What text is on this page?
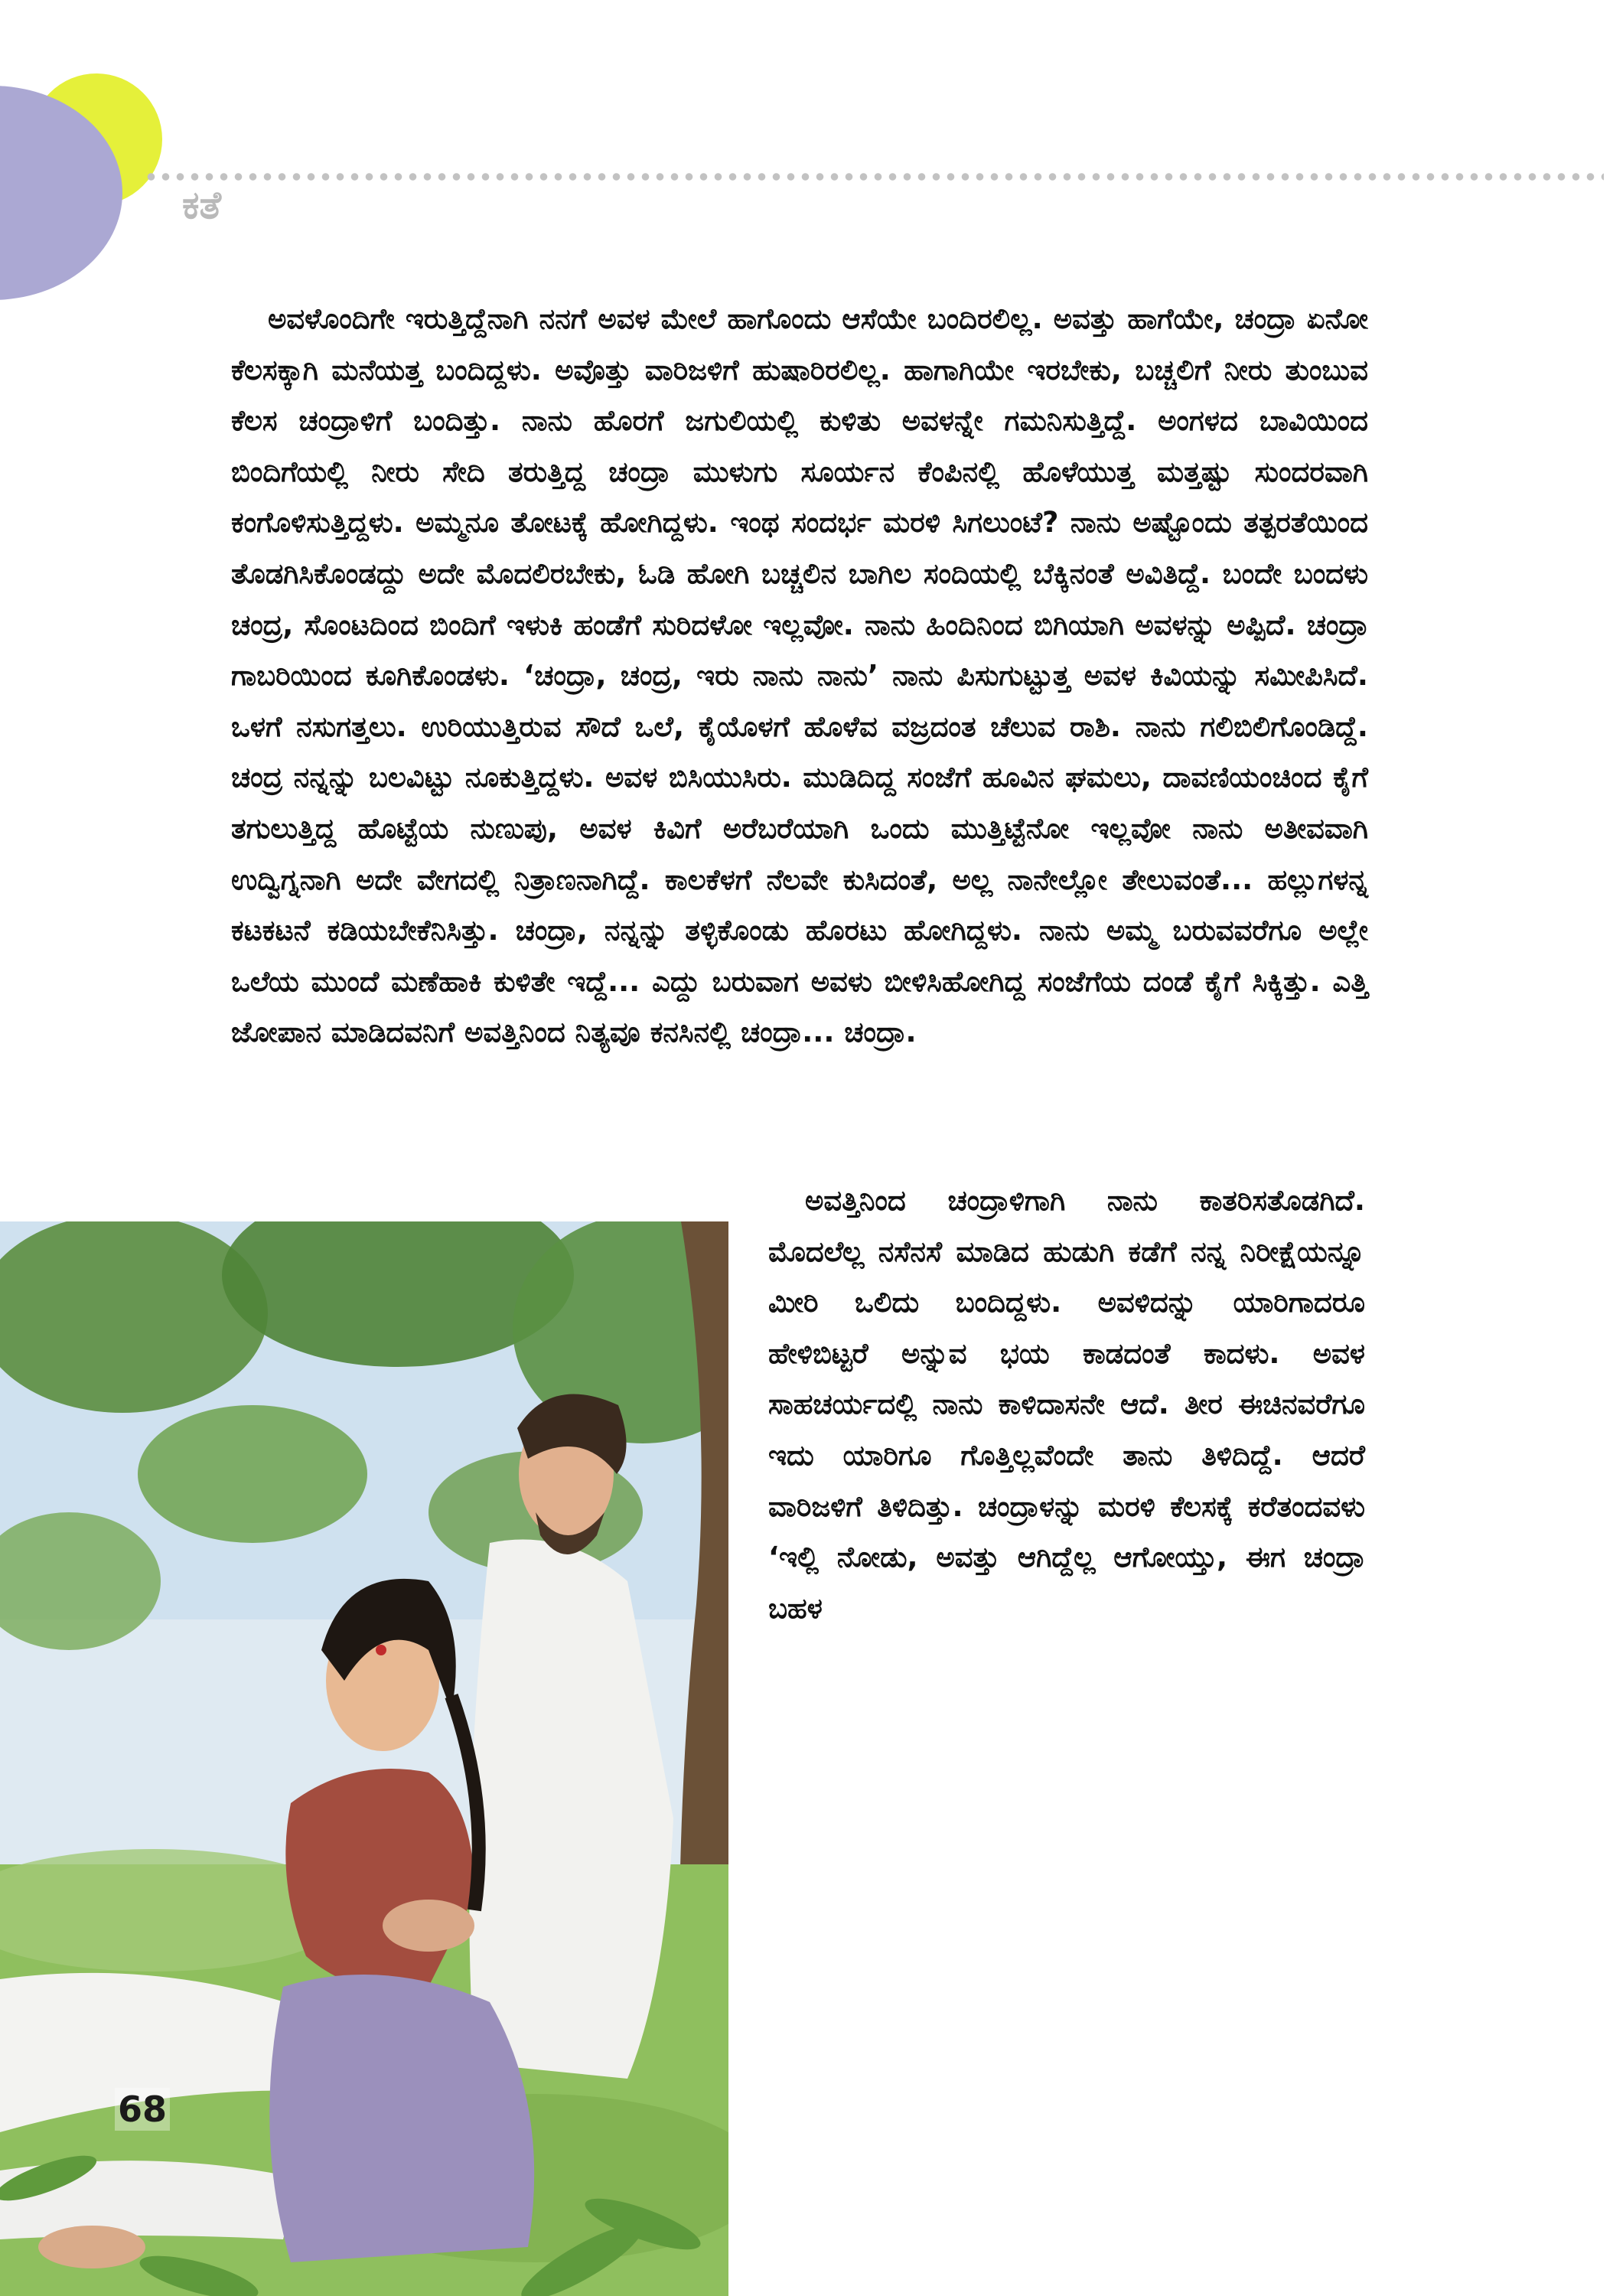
ಕತೆ

ಅವಳೊಂದಿಗೇ ಇರುತ್ತಿದ್ದೆನಾಗಿ ನನಗೆ ಅವಳ ಮೇಲೆ ಹಾಗೊಂದು ಆಸೆಯೇ ಬಂದಿರಲಿಲ್ಲ. ಅವತ್ತು ಹಾಗೆಯೇ, ಚಂದ್ರಾ ಏನೋ ಕೆಲಸಕ್ಕಾಗಿ ಮನೆಯತ್ತ ಬಂದಿದ್ದಳು. ಅವೊತ್ತು ವಾರಿಜಳಿಗೆ ಹುಷಾರಿರಲಿಲ್ಲ. ಹಾಗಾಗಿಯೇ ಇರಬೇಕು, ಬಚ್ಚಲಿಗೆ ನೀರು ತುಂಬುವ ಕೆಲಸ ಚಂದ್ರಾಳಿಗೆ ಬಂದಿತ್ತು. ನಾನು ಹೊರಗೆ ಜಗುಲಿಯಲ್ಲಿ ಕುಳಿತು ಅವಳನ್ನೇ ಗಮನಿಸುತ್ತಿದ್ದೆ. ಅಂಗಳದ ಬಾವಿಯಿಂದ ಬಿಂದಿಗೆಯಲ್ಲಿ ನೀರು ಸೇದಿ ತರುತ್ತಿದ್ದ ಚಂದ್ರಾ ಮುಳುಗು ಸೂರ್ಯನ ಕೆಂಪಿನಲ್ಲಿ ಹೊಳೆಯುತ್ತ ಮತ್ತಷ್ಟು ಸುಂದರವಾಗಿ ಕಂಗೊಳಿಸುತ್ತಿದ್ದಳು. ಅಮ್ಮನೂ ತೋಟಕ್ಕೆ ಹೋಗಿದ್ದಳು. ಇಂಥ ಸಂದರ್ಭ ಮರಳಿ ಸಿಗಲುಂಟೆ? ನಾನು ಅಷ್ಟೊಂದು ತತ್ಪರತೆಯಿಂದ ತೊಡಗಿಸಿಕೊಂಡದ್ದು ಅದೇ ಮೊದಲಿರಬೇಕು, ಓಡಿ ಹೋಗಿ ಬಚ್ಚಲಿನ ಬಾಗಿಲ ಸಂದಿಯಲ್ಲಿ ಬೆಕ್ಕಿನಂತೆ ಅವಿತಿದ್ದೆ. ಬಂದೇ ಬಂದಳು ಚಂದ್ರ, ಸೊಂಟದಿಂದ ಬಿಂದಿಗೆ ಇಳುಕಿ ಹಂಡೆಗೆ ಸುರಿದಳೋ ಇಲ್ಲವೋ. ನಾನು ಹಿಂದಿನಿಂದ ಬಿಗಿಯಾಗಿ ಅವಳನ್ನು ಅಪ್ಪಿದೆ. ಚಂದ್ರಾ ಗಾಬರಿಯಿಂದ ಕೂಗಿಕೊಂಡಳು. ‘ಚಂದ್ರಾ, ಚಂದ್ರ, ಇರು ನಾನು ನಾನು’ ನಾನು ಪಿಸುಗುಟ್ಟುತ್ತ ಅವಳ ಕಿವಿಯನ್ನು ಸಮೀಪಿಸಿದೆ. ಒಳಗೆ ನಸುಗತ್ತಲು. ಉರಿಯುತ್ತಿರುವ ಸೌದೆ ಒಲೆ, ಕೈಯೊಳಗೆ ಹೊಳೆವ ವಜ್ರದಂತ ಚೆಲುವ ರಾಶಿ. ನಾನು ಗಲಿಬಿಲಿಗೊಂಡಿದ್ದೆ. ಚಂದ್ರ ನನ್ನನ್ನು ಬಲವಿಟ್ಟು ನೂಕುತ್ತಿದ್ದಳು. ಅವಳ ಬಿಸಿಯುಸಿರು. ಮುಡಿದಿದ್ದ ಸಂಜೆಗೆ ಹೂವಿನ ಘಮಲು, ದಾವಣಿಯಂಚಿಂದ ಕೈಗೆ ತಗುಲುತ್ತಿದ್ದ ಹೊಟ್ಟೆಯ ನುಣುಪು, ಅವಳ ಕಿವಿಗೆ ಅರೆಬರೆಯಾಗಿ ಒಂದು ಮುತ್ತಿಟ್ಟೆನೋ ಇಲ್ಲವೋ ನಾನು ಅತೀವವಾಗಿ ಉದ್ವಿಗ್ನನಾಗಿ ಅದೇ ವೇಗದಲ್ಲಿ ನಿತ್ರಾಣನಾಗಿದ್ದೆ. ಕಾಲಕೆಳಗೆ ನೆಲವೇ ಕುಸಿದಂತೆ, ಅಲ್ಲ ನಾನೇಲ್ಲೋ ತೇಲುವಂತೆ... ಹಲ್ಲುಗಳನ್ನ ಕಟಕಟನೆ ಕಡಿಯಬೇಕೆನಿಸಿತ್ತು. ಚಂದ್ರಾ, ನನ್ನನ್ನು ತಳ್ಳಿಕೊಂಡು ಹೊರಟು ಹೋಗಿದ್ದಳು. ನಾನು ಅಮ್ಮ ಬರುವವರೆಗೂ ಅಲ್ಲೇ ಒಲೆಯ ಮುಂದೆ ಮಣೆಹಾಕಿ ಕುಳಿತೇ ಇದ್ದೆ... ಎದ್ದು ಬರುವಾಗ ಅವಳು ಬೀಳಿಸಿಹೋಗಿದ್ದ ಸಂಜೆಗೆಯ ದಂಡೆ ಕೈಗೆ ಸಿಕ್ಕಿತ್ತು. ಎತ್ತಿ ಜೋಪಾನ ಮಾಡಿದವನಿಗೆ ಅವತ್ತಿನಿಂದ ನಿತ್ಯವೂ ಕನಸಿನಲ್ಲಿ ಚಂದ್ರಾ... ಚಂದ್ರಾ.

ಅವತ್ತಿನಿಂದ ಚಂದ್ರಾಳಿಗಾಗಿ ನಾನು ಕಾತರಿಸತೊಡಗಿದೆ. ಮೊದಲೆಲ್ಲ ನಸೆನಸೆ ಮಾಡಿದ ಹುಡುಗಿ ಕಡೆಗೆ ನನ್ನ ನಿರೀಕ್ಷೆಯನ್ನೂ ಮೀರಿ ಒಲಿದು ಬಂದಿದ್ದಳು. ಅವಳಿದನ್ನು ಯಾರಿಗಾದರೂ ಹೇಳಿಬಿಟ್ಟರೆ ಅನ್ನುವ ಭಯ ಕಾಡದಂತೆ ಕಾದಳು. ಅವಳ ಸಾಹಚರ್ಯದಲ್ಲಿ ನಾನು ಕಾಳಿದಾಸನೇ ಆದೆ. ತೀರ ಈಚಿನವರೆಗೂ ಇದು ಯಾರಿಗೂ ಗೊತ್ತಿಲ್ಲವೆಂದೇ ತಾನು ತಿಳಿದಿದ್ದೆ. ಆದರೆ ವಾರಿಜಳಿಗೆ ತಿಳಿದಿತ್ತು. ಚಂದ್ರಾಳನ್ನು ಮರಳಿ ಕೆಲಸಕ್ಕೆ ಕರೆತಂದವಳು ‘ಇಲ್ಲಿ ನೋಡು, ಅವತ್ತು ಆಗಿದ್ದೆಲ್ಲ ಆಗೋಯ್ತು, ಈಗ ಚಂದ್ರಾ ಬಹಳ

68
